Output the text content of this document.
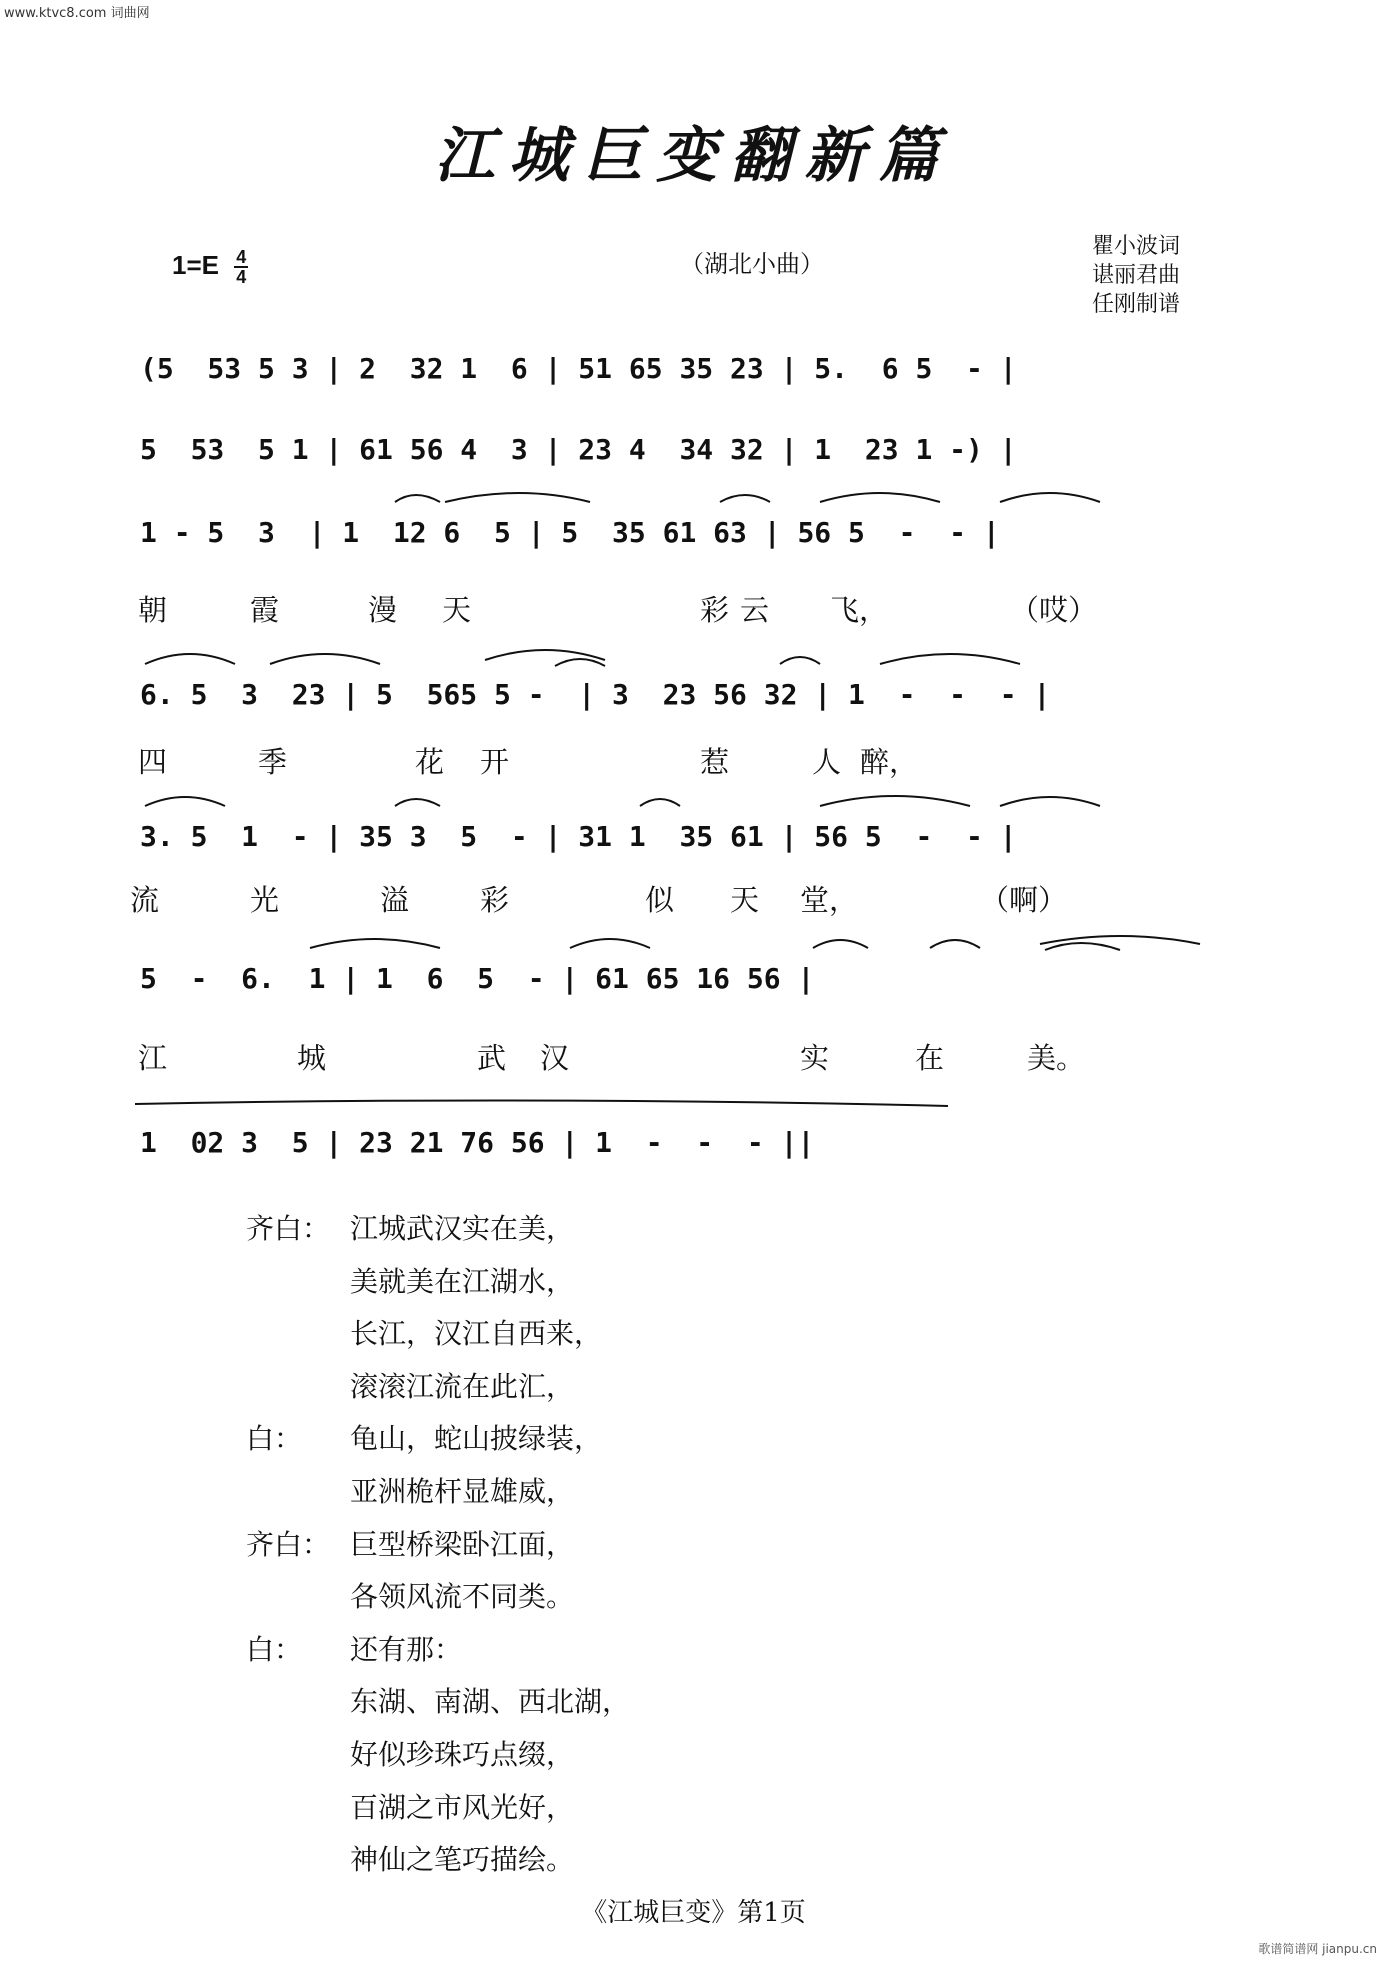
www.ktvc8.com 词曲网
江城巨变翻新篇
$1=E \frac{4}{4}$	（湖北小曲）
瞿小波词
谌丽君曲
任刚制谱
(5  53 5 3 | 2  32 1  6 | 51 65 35 23 | 5.  6 5  - |
5  53  5 1 | 61 56 4  3 | 23 4  34 32 | 1  23 1 -) |
1 - 5  3  | 1  12 6  5 | 5  35 61 63 | 56 5  -  - |
朝	霞	漫 天	彩 云 飞，	（哎）
6. 5  3  23 | 5  565 5 -  | 3  23 56 32 | 1  -  -  - |
四	季	花 开	惹	人 醉，
3. 5  1  - | 35 3  5  - | 31 1  35 61 | 56 5  -  - |
流	光	溢 彩	似 天 堂，	（啊）
5  -  6.  1 | 1  6  5  - | 61 65 16 56 |
江	城	武 汉	实	在	美。
1  02 3  5 | 23 21 76 56 | 1  -  -  - ||
齐白： 江城武汉实在美，
美就美在江湖水，
长江，汉江自西来，
滚滚江流在此汇，
白： 龟山，蛇山披绿装，
亚洲桅杆显雄威，
齐白： 巨型桥梁卧江面，
各领风流不同类。
白： 还有那：
东湖、南湖、西北湖，
好似珍珠巧点缀，
百湖之市风光好，
神仙之笔巧描绘。
《江城巨变》第1页
歌谱简谱网 jianpu.cn
